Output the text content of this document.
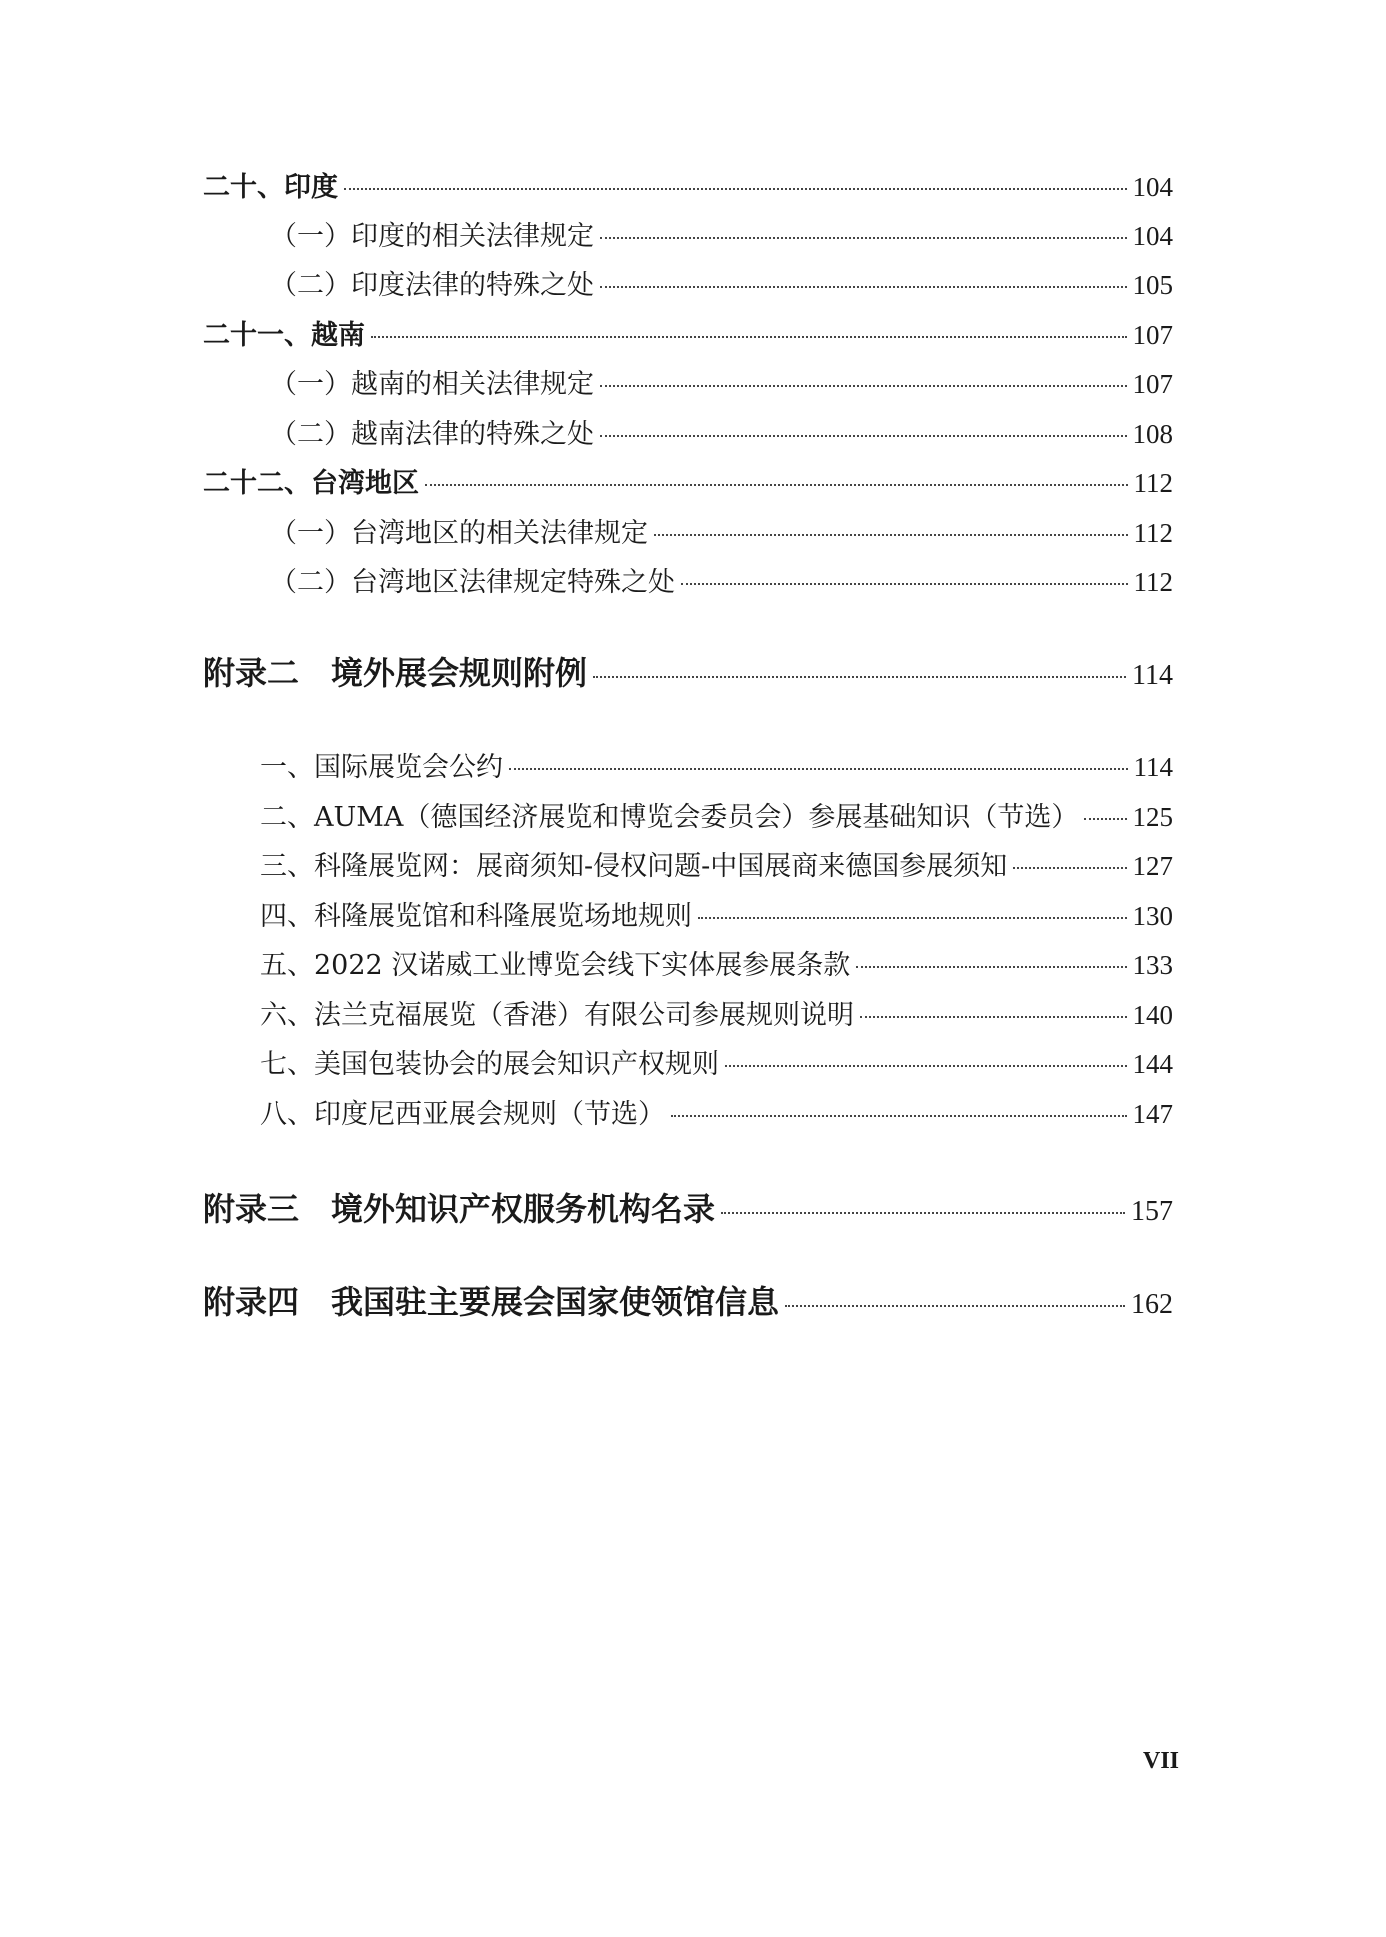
二十、印度	104
（一）印度的相关法律规定	104
（二）印度法律的特殊之处	105
二十一、越南	107
（一）越南的相关法律规定	107
（二）越南法律的特殊之处	108
二十二、台湾地区	112
（一）台湾地区的相关法律规定	112
（二）台湾地区法律规定特殊之处	112
附录二　境外展会规则附例	114
一、国际展览会公约	114
二、AUMA（德国经济展览和博览会委员会）参展基础知识（节选） 125
三、科隆展览网：展商须知-侵权问题-中国展商来德国参展须知	127
四、科隆展览馆和科隆展览场地规则	130
五、2022 汉诺威工业博览会线下实体展参展条款	133
六、法兰克福展览（香港）有限公司参展规则说明	140
七、美国包装协会的展会知识产权规则	144
八、印度尼西亚展会规则（节选）	147
附录三　境外知识产权服务机构名录	157
附录四　我国驻主要展会国家使领馆信息	162
VII
